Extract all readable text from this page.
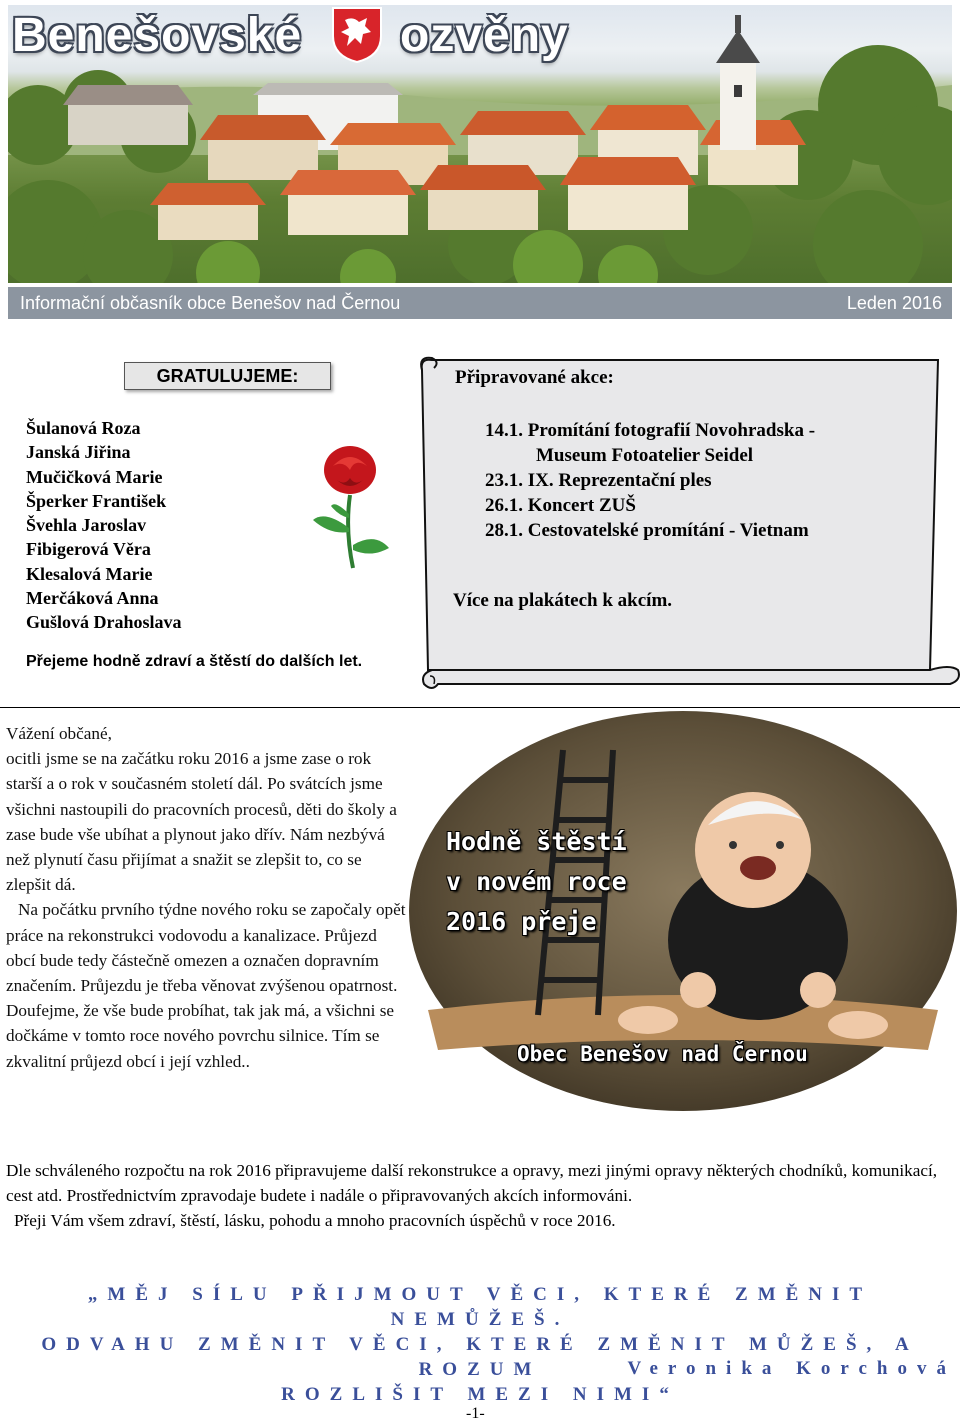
Benešovské ozvěny
Informační občasník obce Benešov nad Černou	Leden 2016
GRATULUJEME:
Šulanová Roza
Janská Jiřina
Mučičková Marie
Šperker František
Švehla Jaroslav
Fibigerová Věra
Klesalová Marie
Merčáková Anna
Gušlová Drahoslava
Přejeme hodně zdraví a štěstí do dalších let.
Připravované akce:
14.1. Promítání fotografií Novohradska -
Museum Fotoatelier Seidel
23.1. IX. Reprezentační ples
26.1. Koncert ZUŠ
28.1. Cestovatelské promítání - Vietnam
Více na plakátech k akcím.

Vážení občané,

ocitli jsme se na začátku roku 2016 a jsme zase o rok starší a o rok v současném století dál. Po svátcích jsme všichni nastoupili do pracovních procesů, děti do školy a zase bude vše ubíhat a plynout jako dřív. Nám nezbývá než plynutí času přijímat a snažit se zlepšit to, co se zlepšit dá.

Na počátku prvního týdne nového roku se započaly opět práce na rekonstrukci vodovodu a kanalizace. Průjezd obcí bude tedy částečně omezen a označen dopravním značením. Průjezdu je třeba věnovat zvýšenou opatrnost. Doufejme, že vše bude probíhat, tak jak má, a všichni se dočkáme v tomto roce nového povrchu silnice. Tím se zkvalitní průjezd obcí i její vzhled..

Hodně štěstí
v novém roce
2016 přeje
Obec Benešov nad Černou

Dle schváleného rozpočtu na rok 2016 připravujeme další rekonstrukce a opravy, mezi jinými opravy některých chodníků, komunikací, cest atd. Prostřednictvím zpravodaje budete i nadále o připravovaných akcích informováni.

Přeji Vám všem zdraví, štěstí, lásku, pohodu a mnoho pracovních úspěchů v roce 2016.

„MĚJ SÍLU PŘIJMOUT VĚCI, KTERÉ ZMĚNIT NEMŮŽEŠ.
ODVAHU ZMĚNIT VĚCI, KTERÉ ZMĚNIT MŮŽEŠ, A ROZUM
ROZLIŠIT MEZI NIMI“
Veronika Korchová
-1-
